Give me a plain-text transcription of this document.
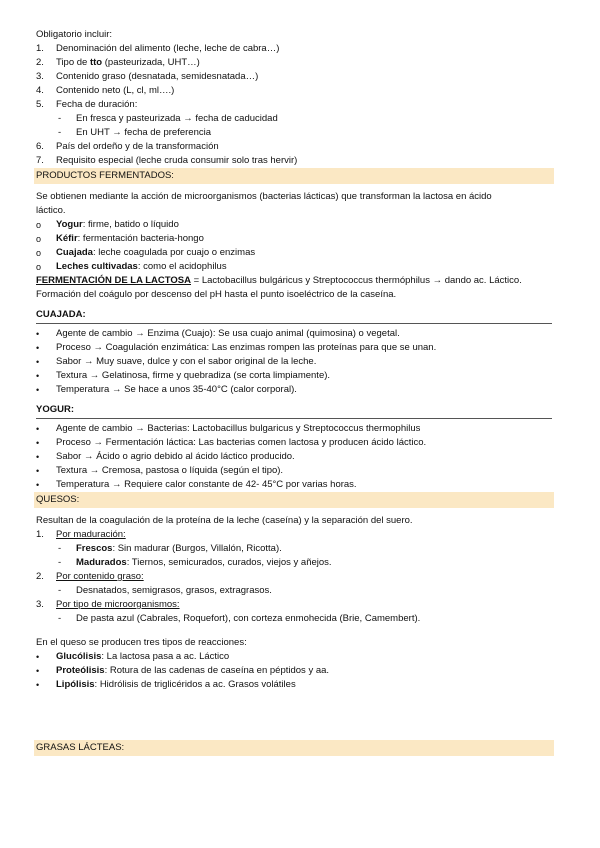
Obligatorio incluir:

1. Denominación del alimento (leche, leche de cabra…)
2. Tipo de tto (pasteurizada, UHT…)
3. Contenido graso (desnatada, semidesnatada…)
4. Contenido neto (L, cl, ml….)
5. Fecha de duración:
- En fresca y pasteurizada → fecha de caducidad
- En UHT → fecha de preferencia
6. País del ordeño y de la transformación
7. Requisito especial (leche cruda consumir solo tras hervir)

PRODUCTOS FERMENTADOS:

Se obtienen mediante la acción de microorganismos (bacterias lácticas) que transforman la lactosa en ácido

láctico.

o Yogur: firme, batido o líquido
o Kéfir: fermentación bacteria-hongo
o Cuajada: leche coagulada por cuajo o enzimas
o Leches cultivadas: como el acidophilus

FERMENTACIÓN DE LA LACTOSA = Lactobacillus bulgáricus y Streptococcus thermóphilus → dando ac. Láctico.

Formación del coágulo por descenso del pH hasta el punto isoeléctrico de la caseína.

CUAJADA:

• Agente de cambio → Enzima (Cuajo): Se usa cuajo animal (quimosina) o vegetal.
• Proceso → Coagulación enzimática: Las enzimas rompen las proteínas para que se unan.
• Sabor → Muy suave, dulce y con el sabor original de la leche.
• Textura → Gelatinosa, firme y quebradiza (se corta limpiamente).
• Temperatura → Se hace a unos 35-40°C (calor corporal).

YOGUR:

• Agente de cambio → Bacterias: Lactobacillus bulgaricus y Streptococcus thermophilus
• Proceso → Fermentación láctica: Las bacterias comen lactosa y producen ácido láctico.
• Sabor → Ácido o agrio debido al ácido láctico producido.
• Textura → Cremosa, pastosa o líquida (según el tipo).
• Temperatura → Requiere calor constante de 42- 45°C por varias horas.

QUESOS:

Resultan de la coagulación de la proteína de la leche (caseína) y la separación del suero.

1. Por maduración:
- Frescos: Sin madurar (Burgos, Villalón, Ricotta).
- Madurados: Tiernos, semicurados, curados, viejos y añejos.
2. Por contenido graso:
- Desnatados, semigrasos, grasos, extragrasos.
3. Por tipo de microorganismos:
- De pasta azul (Cabrales, Roquefort), con corteza enmohecida (Brie, Camembert).

En el queso se producen tres tipos de reacciones:

• Glucólisis: La lactosa pasa a ac. Láctico
• Proteólisis: Rotura de las cadenas de caseína en péptidos y aa.
• Lipólisis: Hidrólisis de triglicéridos a ac. Grasos volátiles

GRASAS LÁCTEAS:
